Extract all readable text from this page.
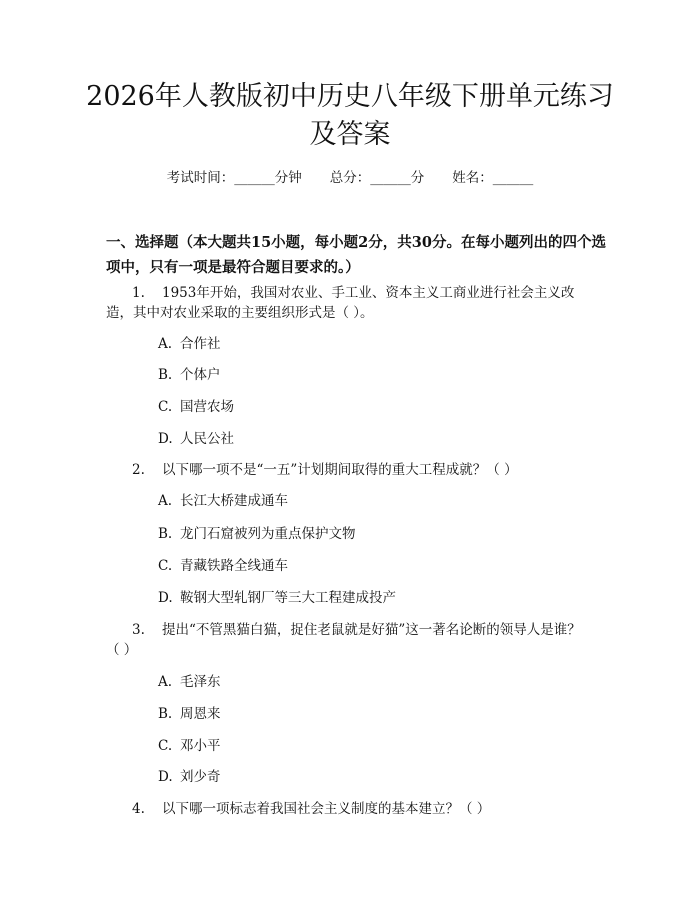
2026年人教版初中历史八年级下册单元练习
及答案
考试时间：______分钟 总分：______分 姓名：______

一、选择题（本大题共15小题，每小题2分，共30分。在每小题列出的四个选

项中，只有一项是最符合题目要求的。）

1. 1953年开始，我国对农业、手工业、资本主义工商业进行社会主义改
造，其中对农业采取的主要组织形式是（ ）。
A. 合作社
B. 个体户
C. 国营农场
D. 人民公社
2. 以下哪一项不是“一五”计划期间取得的重大工程成就？（ ）
A. 长江大桥建成通车
B. 龙门石窟被列为重点保护文物
C. 青藏铁路全线通车
D. 鞍钢大型轧钢厂等三大工程建成投产
3. 提出“不管黑猫白猫，捉住老鼠就是好猫”这一著名论断的领导人是谁？
（ ）
A. 毛泽东
B. 周恩来
C. 邓小平
D. 刘少奇
4. 以下哪一项标志着我国社会主义制度的基本建立？（ ）
